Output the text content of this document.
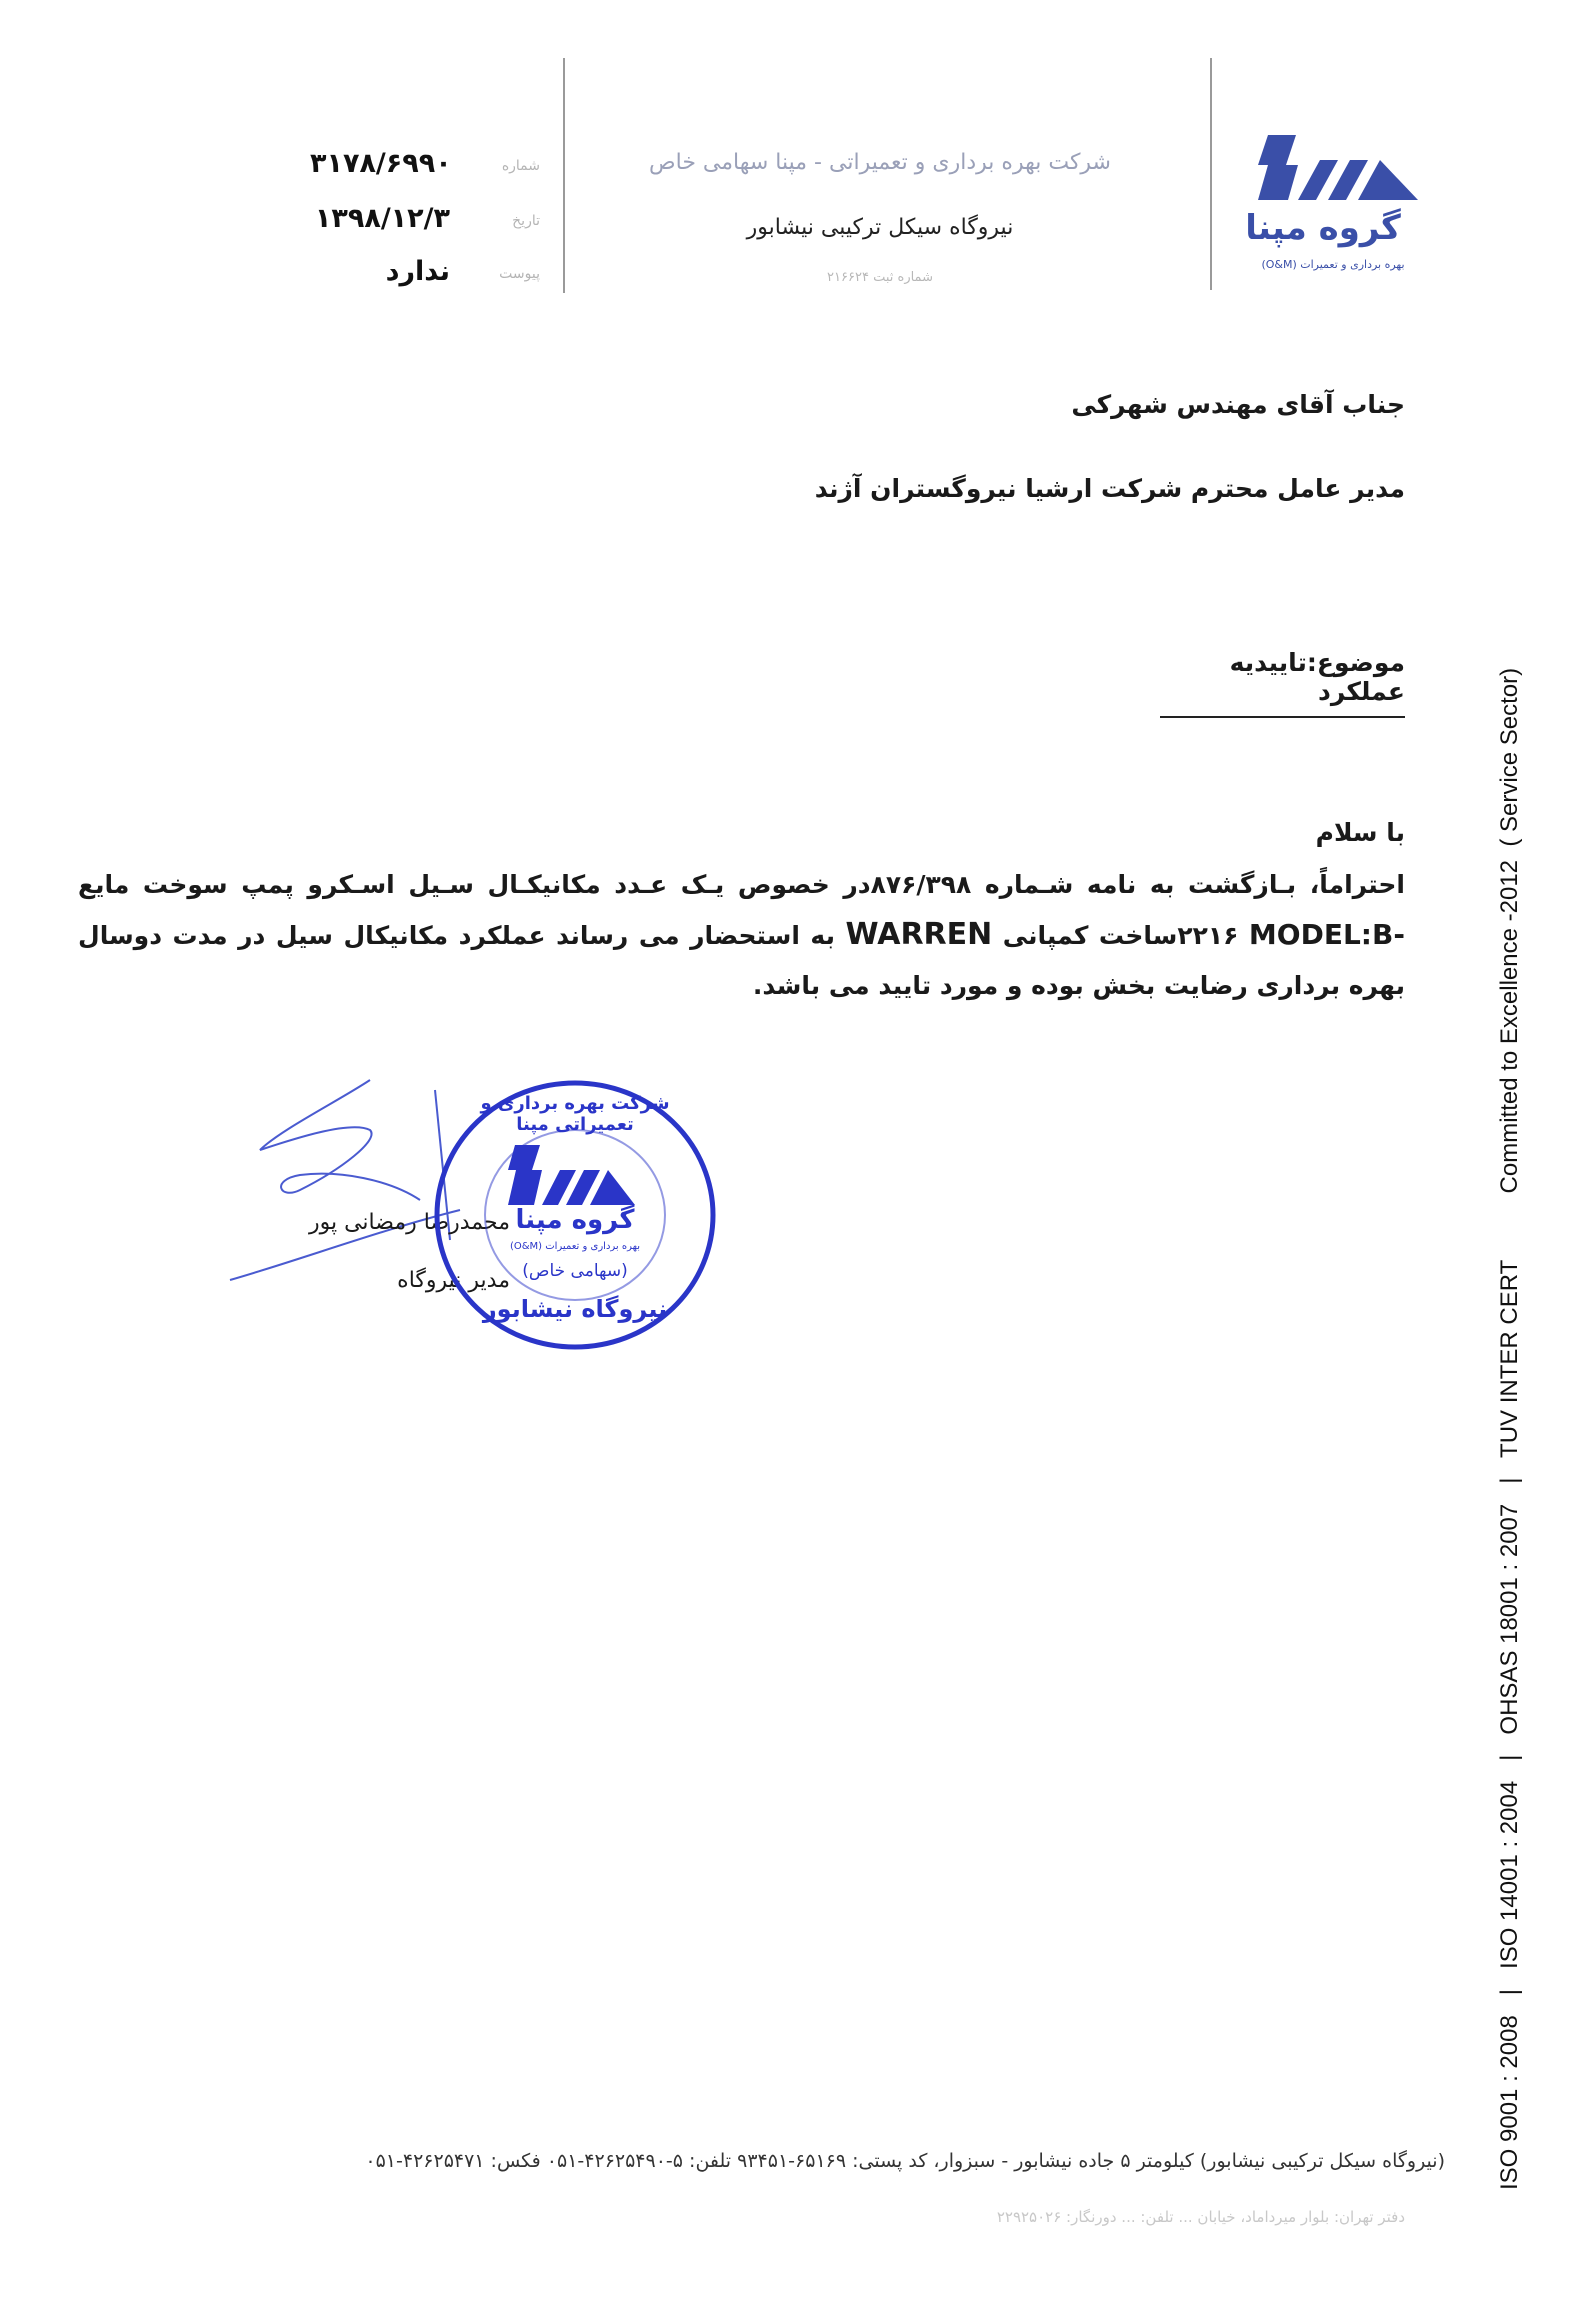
گروه مپنا
بهره برداری و تعمیرات (O&M)
شرکت بهره برداری و تعمیراتی - مپنا سهامی خاص
نیروگاه سیکل ترکیبی نیشابور
شماره ثبت ۲۱۶۶۲۴
شماره
۳۱۷۸/۶۹۹۰
تاریخ
۱۳۹۸/۱۲/۳
پیوست
ندارد
جناب آقای مهندس شهرکی
مدیر عامل محترم شرکت ارشیا نیروگستران آژند
موضوع:تاییدیه عملکرد
با سلام
احتراماً، بـازگشت به نامه شـماره ۸۷۶/۳۹۸در خصوص یـک عـدد مکانیکـال سـیل اسـکرو پمپ سوخت مایع MODEL:B- ۲۲۱۶ساخت کمپانی WARREN به استحضار می رساند عملکرد مکانیکال سیل در مدت دوسال بهره برداری رضایت بخش بوده و مورد تایید می باشد.
محمدرضا رمضانی پور
مدیر نیروگاه
شرکت بهره برداری و تعمیراتی مپنا
گروه مپنا
بهره برداری و تعمیرات (O&M)
(سهامی خاص)
نیروگاه نیشابور	ISO 9001 : 2008   |   ISO 14001 : 2004   |   OHSAS 18001 : 2007   |   TUV INTER CERT          Committed to Excellence -2012  ( Service Sector)
(نیروگاه سیکل ترکیبی نیشابور) کیلومتر ۵ جاده نیشابور - سبزوار، کد پستی: ۶۵۱۶۹-۹۳۴۵۱ تلفن: ۵-۴۲۶۲۵۴۹۰-۰۵۱ فکس: ۴۲۶۲۵۴۷۱-۰۵۱
دفتر تهران: بلوار میرداماد، خیابان ... تلفن: ... دورنگار: ۲۲۹۲۵۰۲۶
